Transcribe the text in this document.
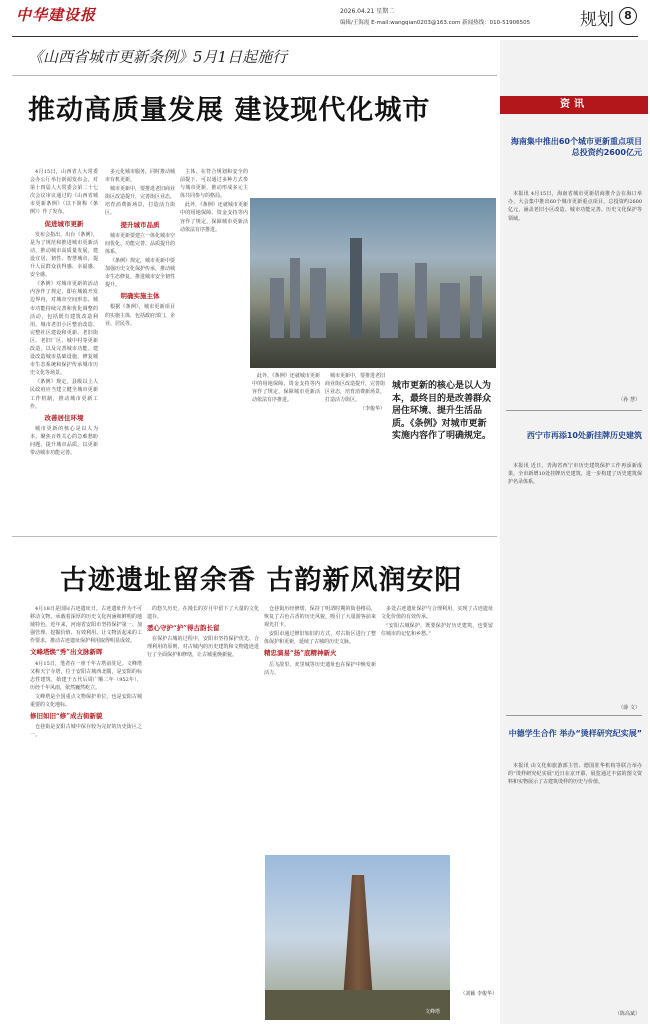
中华建设报	2026.04.21 星期二
编辑/王海霞 E-mail:wangqian0203@163.com 新闻热线：010-51906505	规划 8
资讯
海南集中推出60个城市更新重点项目 总投资约2600亿元

本报讯 4月15日，海南省城市更新招商推介会在海口举办，大会集中推出60个城市更新重点项目，总投资约2600亿元，涵盖老旧小区改造、城市功能完善、历史文化保护等领域。

（孙 慧）
西宁市再添10处新挂牌历史建筑

本报讯 近日，青海省西宁市历史建筑保护工作再添新成果，全市新增10处挂牌历史建筑，进一步构建了历史建筑保护名录体系。

（薛 文）
中德学生合作 举办“烫样研究纪实展”

本报讯 由文化和旅游部主管、德国驻华机构等联合举办的“烫样研究纪实展”近日在京开幕，展览通过丰富的图文资料和实物展示了古建筑烫样的历史与价值。

（陈高斌）
《山西省城市更新条例》5月1日起施行
推动高质量发展 建设现代化城市

4月15日，山西省人大常委会办公厅举行新闻发布会，对第十四届人大常委会第二十七次会议审议通过的《山西省城市更新条例》（以下简称《条例》）作了发布。

促进城市更新

发布会指出，出台《条例》，是为了规范和推进城市更新活动，推动城市高质量发展，建设宜居、韧性、智慧城市，提升人民群众获得感、幸福感、安全感。

《条例》对城市更新的活动内容作了规定，即在城镇开发边界内，对城市空间形态、城市功能持续完善和优化调整的活动，包括既有建筑改造利用、城市老旧小区整治改造、完整社区建设和更新、老旧街区、老旧厂区、城中村等更新改造，以及完善城市功能、建设改造城市基础设施、修复城市生态系统和保护传承城市历史文化等场景。

《条例》规定，县级以上人民政府应当建立健全城市更新工作机制，推动城市更新工作。

改善居住环境

城市更新的核心是以人为本，聚焦百姓关心的急难愁盼问题，提升城市品质，以更新带动城市功能完善。

多元化城市服务，同时推动城市有机更新。

城市更新中，要推进老旧商业街区改造提升，完善街区业态，培育消费新场景，打造活力街区。

提升城市品质

城市更新要建立一体化城市空间优化、功能完善、品质提升的体系。

《条例》规定，城市更新中要加强历史文化保护传承，推动城市生态修复，推进城市安全韧性提升。

明确实施主体

根据《条例》，城市更新项目的实施主体，包括政府部门、企业、居民等。

主体，在符合规划和安全的前提下，可以通过多种方式参与城市更新，推动形成多元主体共同参与的格局。

此外，《条例》还就城市更新中的用地保障、资金支持等内容作了规定，保障城市更新活动依法有序推进。

此外，《条例》还就城市更新中的用地保障、资金支持等内容作了规定，保障城市更新活动依法有序推进。

城市更新中，要推进老旧商业街区改造提升，完善街区业态，培育消费新场景，打造活力街区。

（李俊华）
城市更新的核心是以人为本，最终目的是改善群众居住环境、提升生活品质。《条例》对城市更新实施内容作了明确规定。
古迹遗址留余香 古韵新风润安阳

4月18日是国际古迹遗址日，古迹遗址作为不可移动文物，承载着深厚的历史文化内涵和鲜明的地域特色。近年来，河南省安阳市坚持保护第一、加强管理、挖掘价值、有效利用、让文物活起来的工作要求，推动古迹遗址保护利用取得明显成效。

文峰塔焕“秀”出文脉新晖

4月15日，笔者在一座千年古塔前驻足。文峰塔又称天宁寺塔，位于安阳古城西北隅，是安阳的标志性建筑，始建于五代后周广顺二年（952年），历经千年风雨，依然巍然屹立。

文峰塔是全国重点文物保护单位，也是安阳古城重要的文化地标。

修旧如旧“修”成古街新貌

仓巷街是安阳古城中保存较为完好的历史街区之一。

的悠久历史，在漫长的岁月中留下了大量的文化遗存。

悉心守护“护”得古韵长留

在保护古城的过程中，安阳市坚持保护优先、合理利用的原则，对古城内的历史建筑和文物遗迹进行了全面保护和修缮，让古城重焕新貌。

仓巷街历经修缮，保持了明清时期的街巷格局，恢复了古色古香的历史风貌，吸引了大量游客前来观光打卡。

安阳市通过修旧如旧的方式，对古街区进行了整体保护和更新，延续了古城的历史文脉。

精忠演易“扬”底精神新火

岳飞故里、羑里城等历史遗址也在保护中焕发新活力。

多处古迹遗址保护与合理利用，实现了古迹遗址文化价值的有效传承。

“安阳古城保护，既要保护好历史建筑，也要留住城市的记忆和乡愁。”

文峰塔
（刘颖 李俊华）
